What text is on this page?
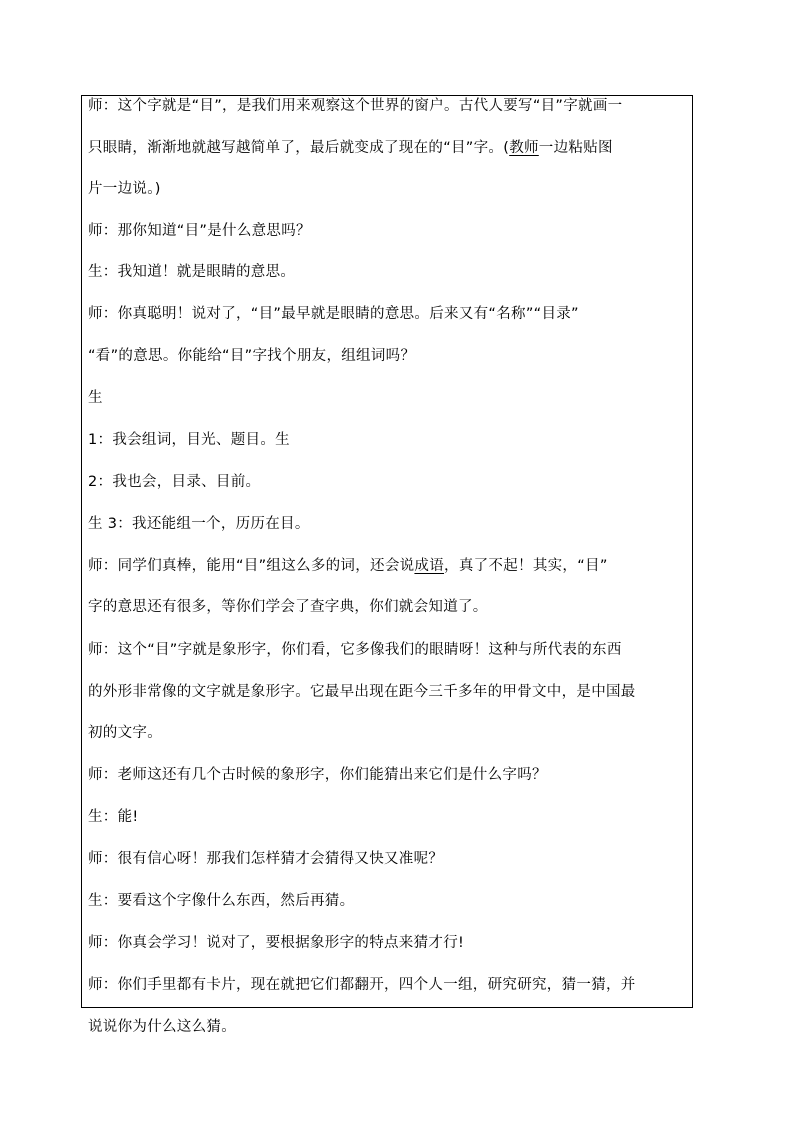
师：这个字就是“目”，是我们用来观察这个世界的窗户。古代人要写“目”字就画一
只眼睛，渐渐地就越写越简单了，最后就变成了现在的“目”字。(教师一边粘贴图
片一边说。)
师：那你知道“目”是什么意思吗？
生：我知道！就是眼睛的意思。
师：你真聪明！说对了，“目”最早就是眼睛的意思。后来又有“名称”“目录”
“看”的意思。你能给“目”字找个朋友，组组词吗？
生
1：我会组词，目光、题目。生
2：我也会，目录、目前。
生 3：我还能组一个，历历在目。
师：同学们真棒，能用“目”组这么多的词，还会说成语，真了不起！其实，“目”
字的意思还有很多，等你们学会了查字典，你们就会知道了。
师：这个“目”字就是象形字，你们看，它多像我们的眼睛呀！这种与所代表的东西
的外形非常像的文字就是象形字。它最早出现在距今三千多年的甲骨文中，是中国最
初的文字。
师：老师这还有几个古时候的象形字，你们能猜出来它们是什么字吗？
生：能!
师：很有信心呀！那我们怎样猜才会猜得又快又准呢？
生：要看这个字像什么东西，然后再猜。
师：你真会学习！说对了，要根据象形字的特点来猜才行!
师：你们手里都有卡片，现在就把它们都翻开，四个人一组，研究研究，猜一猜，并
说说你为什么这么猜。
